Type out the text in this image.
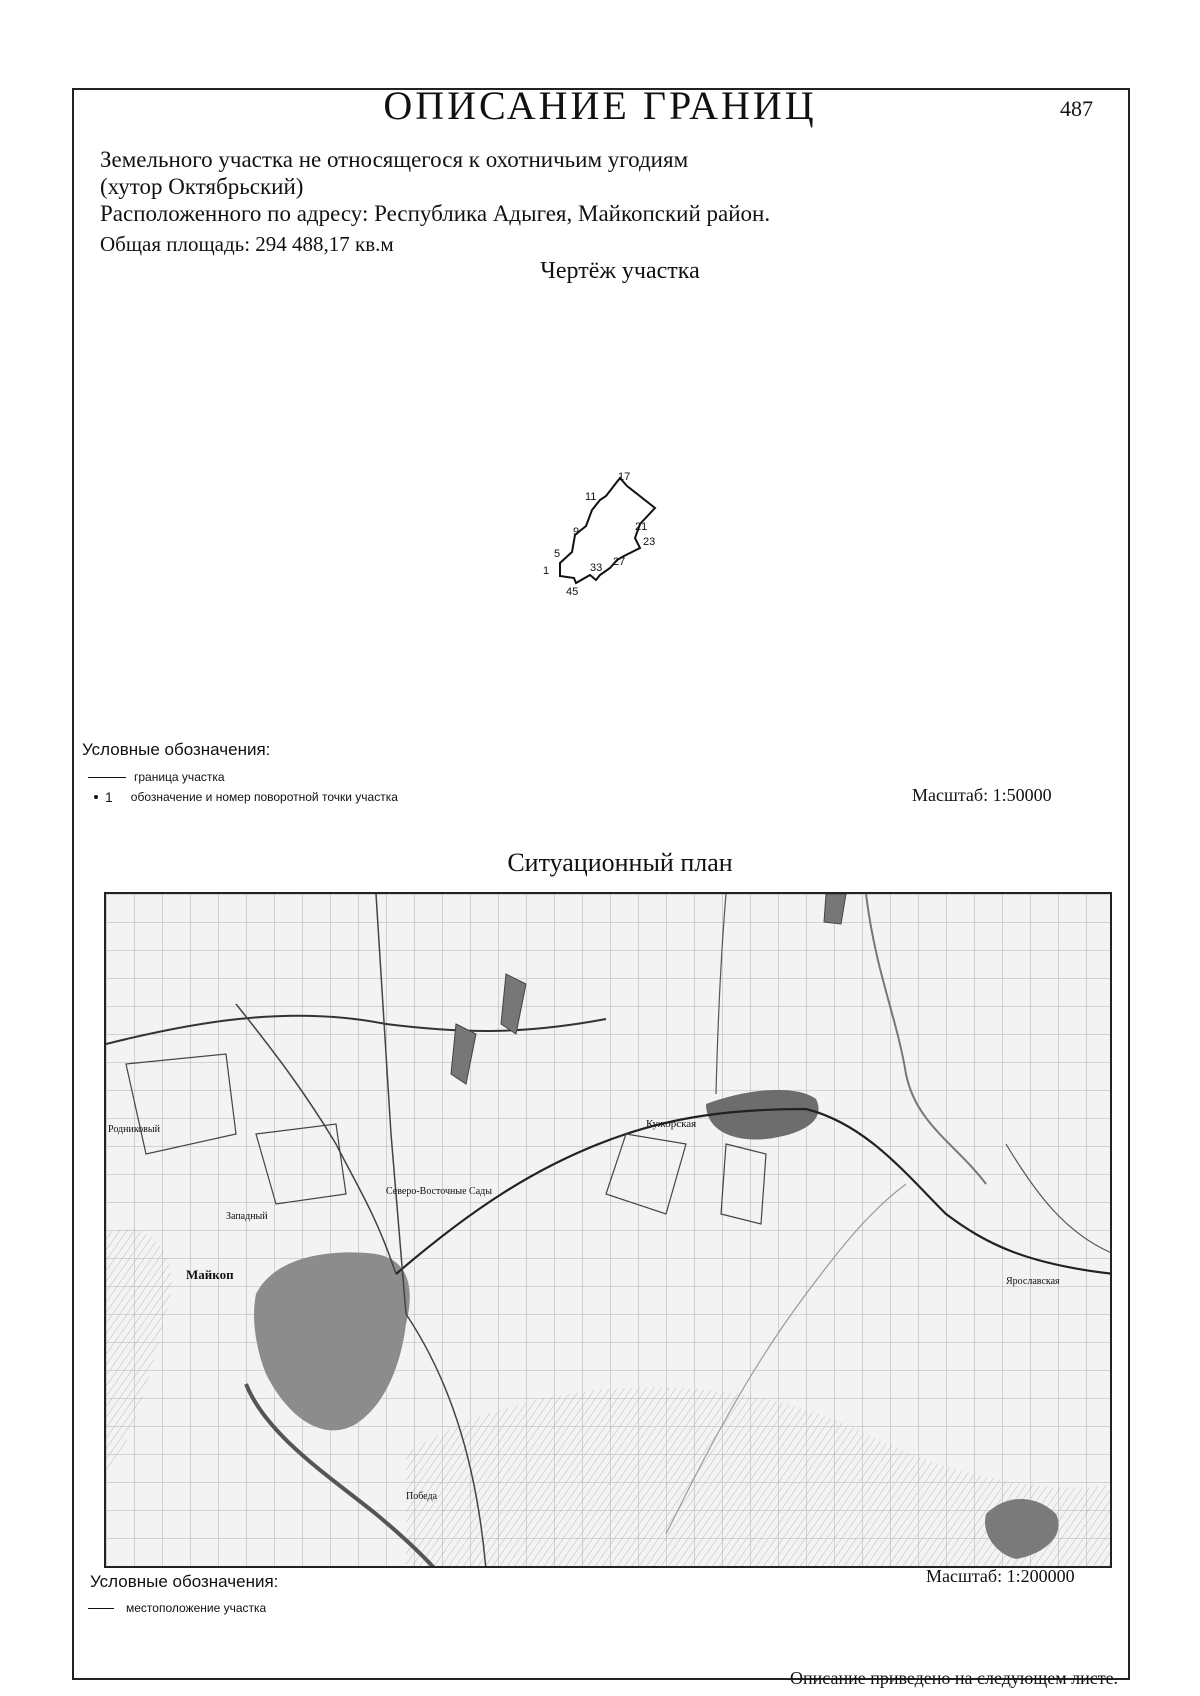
487
ОПИСАНИЕ ГРАНИЦ
Земельного участка не относящегося к охотничьим угодиям
(хутор Октябрьский)
Расположенного по адресу: Республика Адыгея, Майкопский район.
Общая площадь: 294 488,17 кв.м
Чертёж участка
17
11
9	21
23
5
1	33 27
45
Условные обозначения:
граница участка
1 обозначение и номер поворотной точки участка	Масштаб: 1:50000
Ситуационный план
Кужорская
Майкоп
Западный
Северо-Восточные Сады
Ярославская
Победа
Родниковый
Условные обозначения:
местоположение участка
Масштаб: 1:200000
Описание приведено на следующем листе.
